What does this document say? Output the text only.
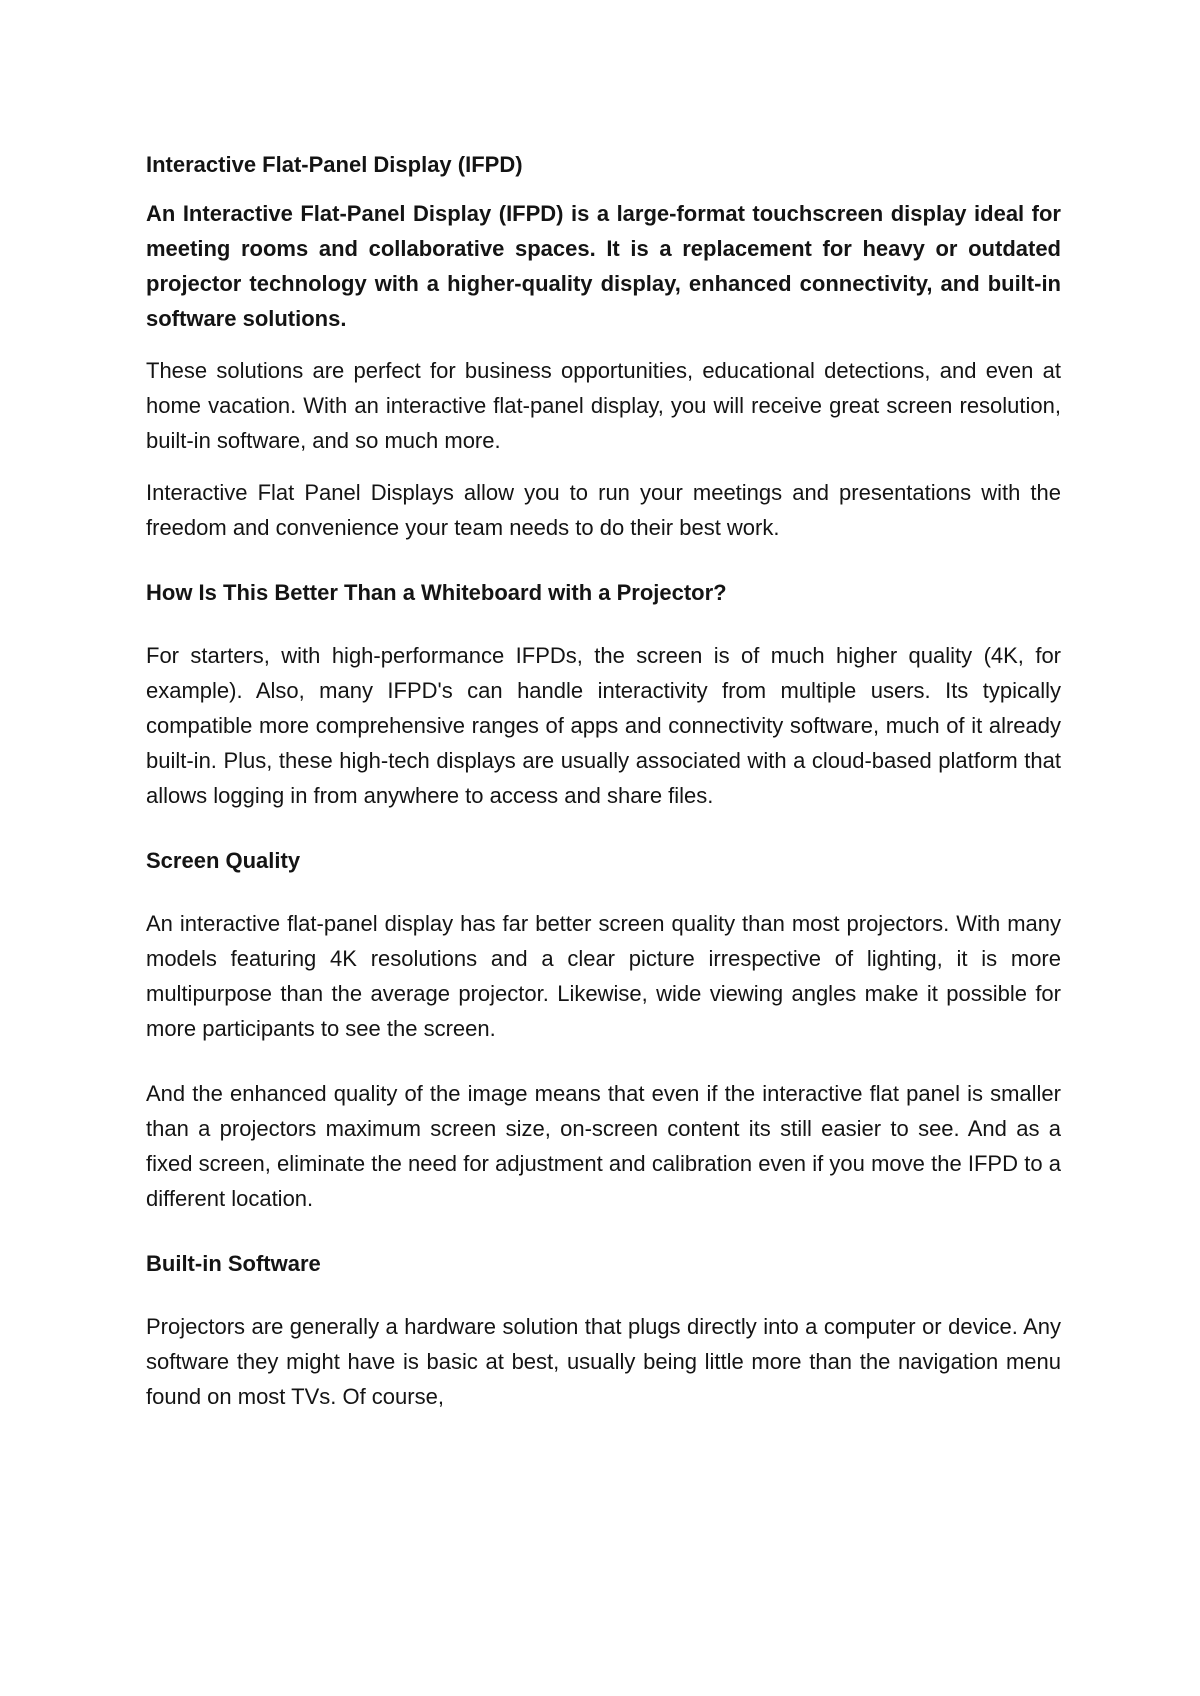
Interactive Flat-Panel Display (IFPD)

An Interactive Flat-Panel Display (IFPD) is a large-format touchscreen display ideal for meeting rooms and collaborative spaces. It is a replacement for heavy or outdated projector technology with a higher-quality display, enhanced connectivity, and built-in software solutions.

These solutions are perfect for business opportunities, educational detections, and even at home vacation. With an interactive flat-panel display, you will receive great screen resolution, built-in software, and so much more.

Interactive Flat Panel Displays allow you to run your meetings and presentations with the freedom and convenience your team needs to do their best work.

How Is This Better Than a Whiteboard with a Projector?

For starters, with high-performance IFPDs, the screen is of much higher quality (4K, for example). Also, many IFPD's can handle interactivity from multiple users. Its typically compatible more comprehensive ranges of apps and connectivity software, much of it already built-in. Plus, these high-tech displays are usually associated with a cloud-based platform that allows logging in from anywhere to access and share files.

Screen Quality

An interactive flat-panel display has far better screen quality than most projectors. With many models featuring 4K resolutions and a clear picture irrespective of lighting, it is more multipurpose than the average projector. Likewise, wide viewing angles make it possible for more participants to see the screen.

And the enhanced quality of the image means that even if the interactive flat panel is smaller than a projectors maximum screen size, on-screen content its still easier to see. And as a fixed screen, eliminate the need for adjustment and calibration even if you move the IFPD to a different location.

Built-in Software

Projectors are generally a hardware solution that plugs directly into a computer or device. Any software they might have is basic at best, usually being little more than the navigation menu found on most TVs. Of course,
